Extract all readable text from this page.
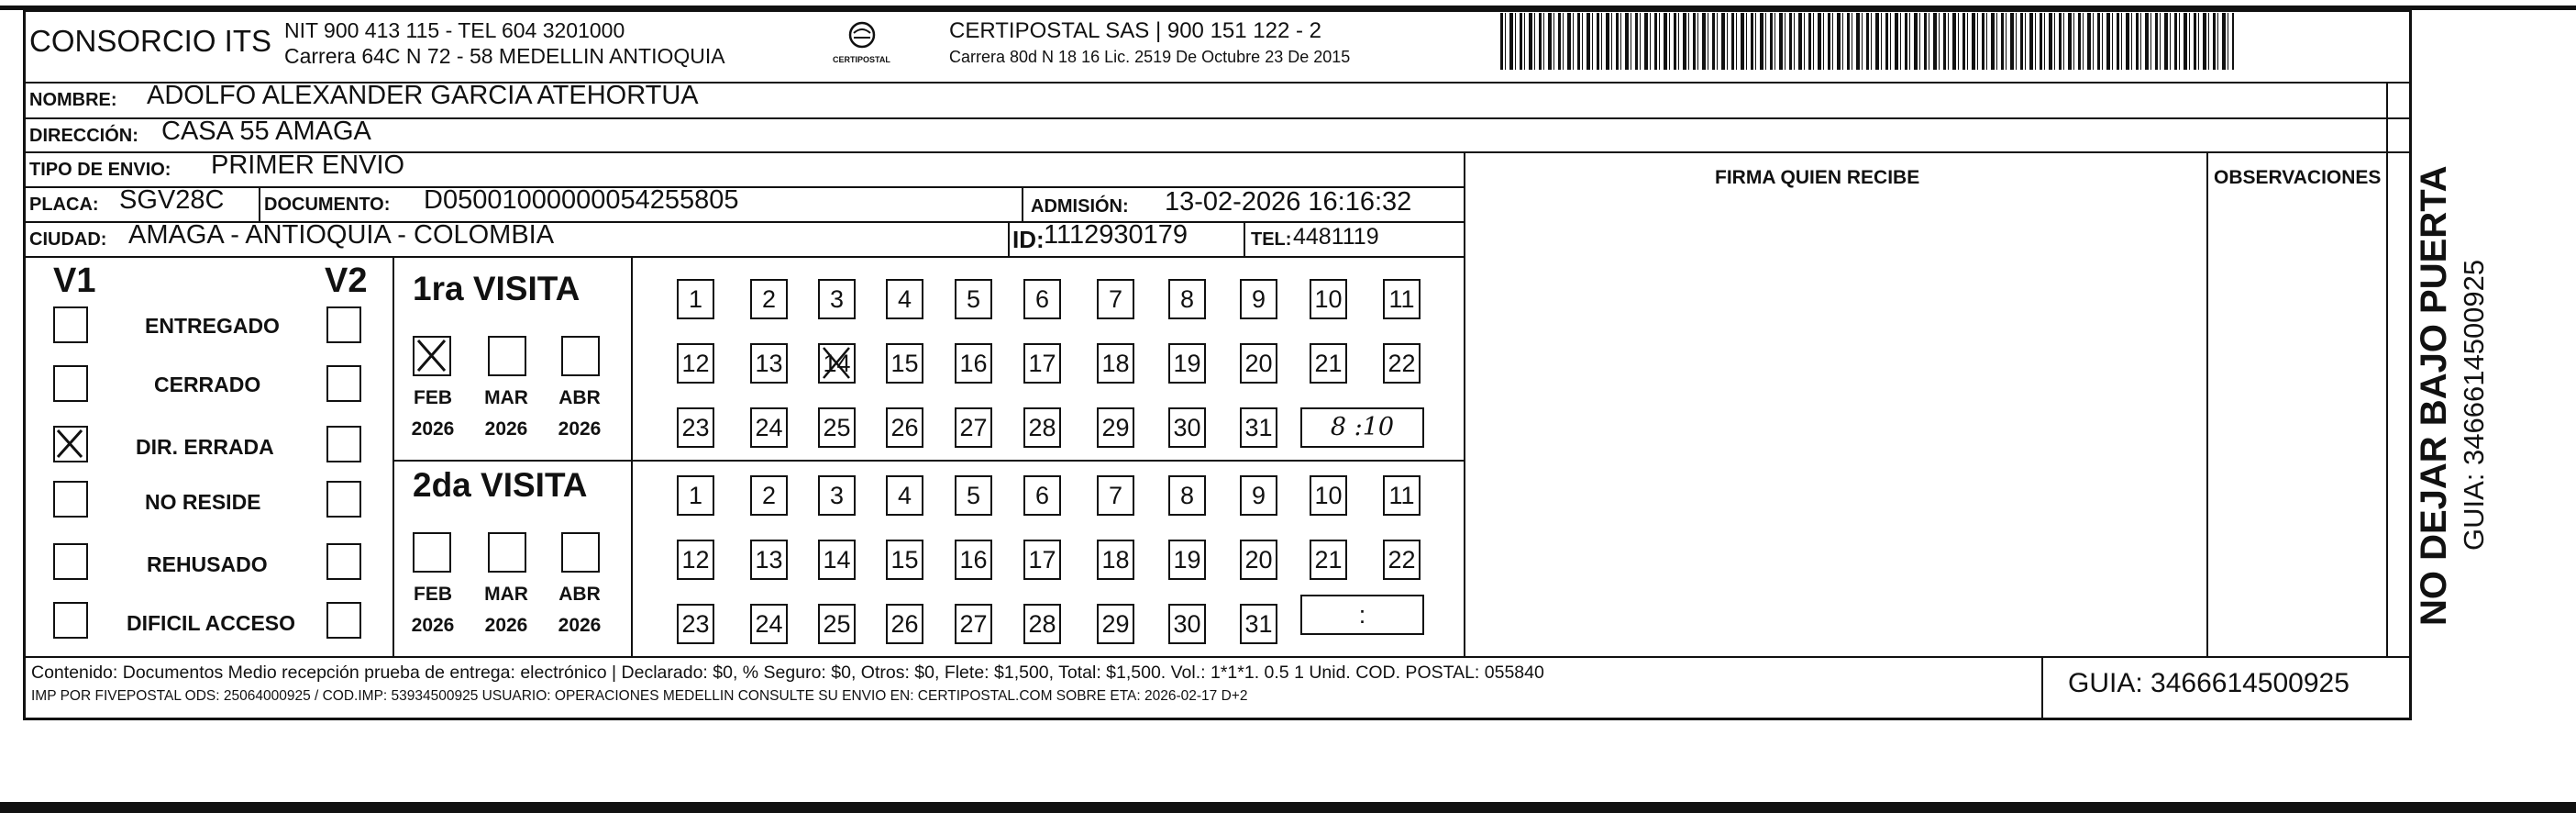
CONSORCIO ITS NIT 900 413 115 - TEL 604 3201000
Carrera 64C N 72 - 58 MEDELLIN ANTIOQUIA	CERTIPOSTAL
CERTIPOSTAL SAS | 900 151 122 - 2
Carrera 80d N 18 16 Lic. 2519 De Octubre 23 De 2015
NOMBRE: ADOLFO ALEXANDER GARCIA ATEHORTUA
DIRECCIÓN: CASA 55 AMAGA
TIPO DE ENVIO: PRIMER ENVIO
PLACA: SGV28C DOCUMENTO: D05001000000054255805	ADMISIÓN: 13-02-2026 16:16:32
CIUDAD: AMAGA - ANTIOQUIA - COLOMBIA	ID: 1112930179	TEL: 4481119
FIRMA QUIEN RECIBE	OBSERVACIONES
V1	V2
ENTREGADO
CERRADO
DIR. ERRADA
NO RESIDE
REHUSADO
DIFICIL ACCESO
1ra VISITA
FEB	MAR	ABR
2026	2026	2026
1	2	3	4	5	6	7	8	9	10 11
12 13 14 15 16 17 18 19 20 21 22
23 24 25 26 27 28 29 30 31	8 :10
2da VISITA
FEB	MAR	ABR
2026	2026	2026
1	2	3	4	5	6	7	8	9	10 11
12 13 14 15 16 17 18 19 20 21 22
23 24 25 26 27 28 29 30 31	:
Contenido: Documentos Medio recepción prueba de entrega: electrónico | Declarado: $0, % Seguro: $0, Otros: $0, Flete: $1,500, Total: $1,500. Vol.: 1*1*1. 0.5 1 Unid. COD. POSTAL: 055840
IMP POR FIVEPOSTAL ODS: 25064000925 / COD.IMP: 53934500925 USUARIO: OPERACIONES MEDELLIN CONSULTE SU ENVIO EN: CERTIPOSTAL.COM SOBRE ETA: 2026-02-17 D+2	GUIA: 3466614500925
NO DEJAR BAJO PUERTA GUIA: 3466614500925
